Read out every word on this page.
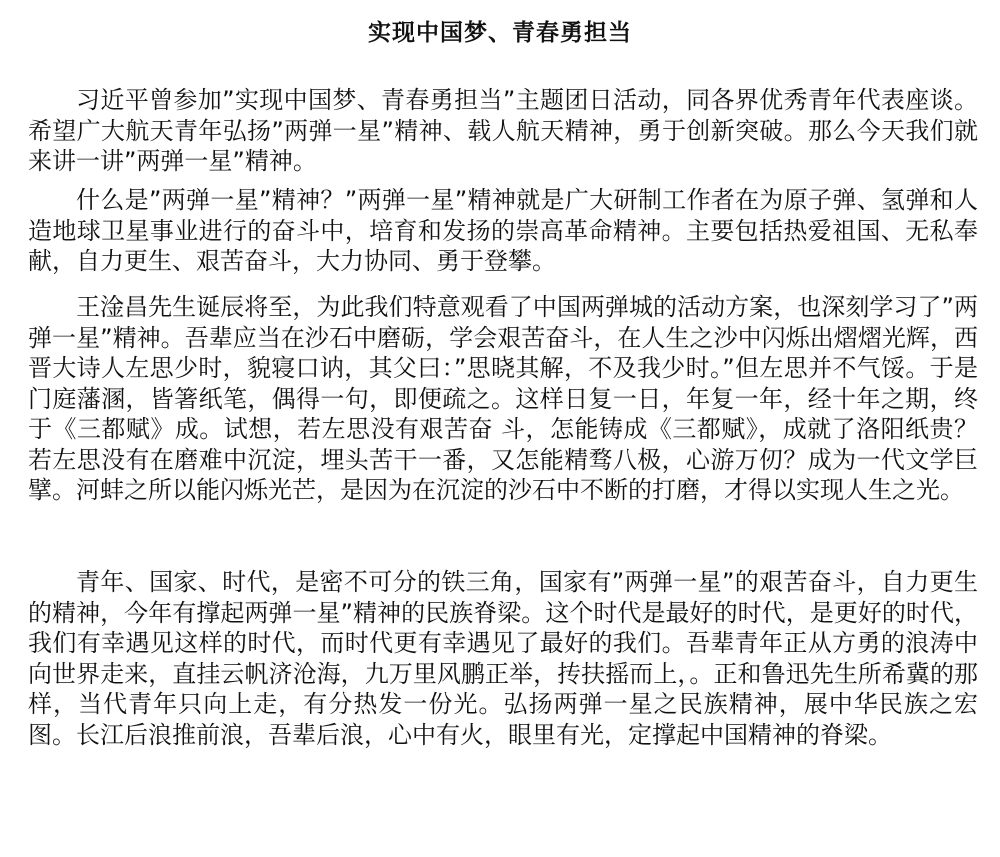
实现中国梦、青春勇担当

习近平曾参加”实现中国梦、青春勇担当”主题团日活动，同各界优秀青年代表座谈。希望广大航天青年弘扬”两弹一星”精神、载人航天精神，勇于创新突破。那么今天我们就来讲一讲”两弹一星”精神。

什么是”两弹一星”精神？”两弹一星”精神就是广大研制工作者在为原子弹、氢弹和人造地球卫星事业进行的奋斗中，培育和发扬的崇高革命精神。主要包括热爱祖国、无私奉献，自力更生、艰苦奋斗，大力协同、勇于登攀。

王淦昌先生诞辰将至，为此我们特意观看了中国两弹城的活动方案，也深刻学习了”两弹一星”精神。吾辈应当在沙石中磨砺，学会艰苦奋斗，在人生之沙中闪烁出熠熠光辉，西晋大诗人左思少时，貌寝口讷，其父曰：”思晓其解，不及我少时。”但左思并不气馁。于是门庭藩溷，皆箸纸笔，偶得一句，即便疏之。这样日复一日，年复一年，经十年之期，终于《三都赋》成。试想，若左思没有艰苦奋 斗，怎能铸成《三都赋》，成就了洛阳纸贵？若左思没有在磨难中沉淀，埋头苦干一番，又怎能精骛八极，心游万仞？成为一代文学巨擘。河蚌之所以能闪烁光芒，是因为在沉淀的沙石中不断的打磨，才得以实现人生之光。

青年、国家、时代，是密不可分的铁三角，国家有”两弹一星”的艰苦奋斗，自力更生的精神，今年有撑起两弹一星”精神的民族脊梁。这个时代是最好的时代，是更好的时代，我们有幸遇见这样的时代，而时代更有幸遇见了最好的我们。吾辈青年正从方勇的浪涛中向世界走来，直挂云帆济沧海，九万里风鹏正举，抟扶摇而上，。正和鲁迅先生所希冀的那样，当代青年只向上走，有分热发一份光。弘扬两弹一星之民族精神，展中华民族之宏图。长江后浪推前浪，吾辈后浪，心中有火，眼里有光，定撑起中国精神的脊梁。
